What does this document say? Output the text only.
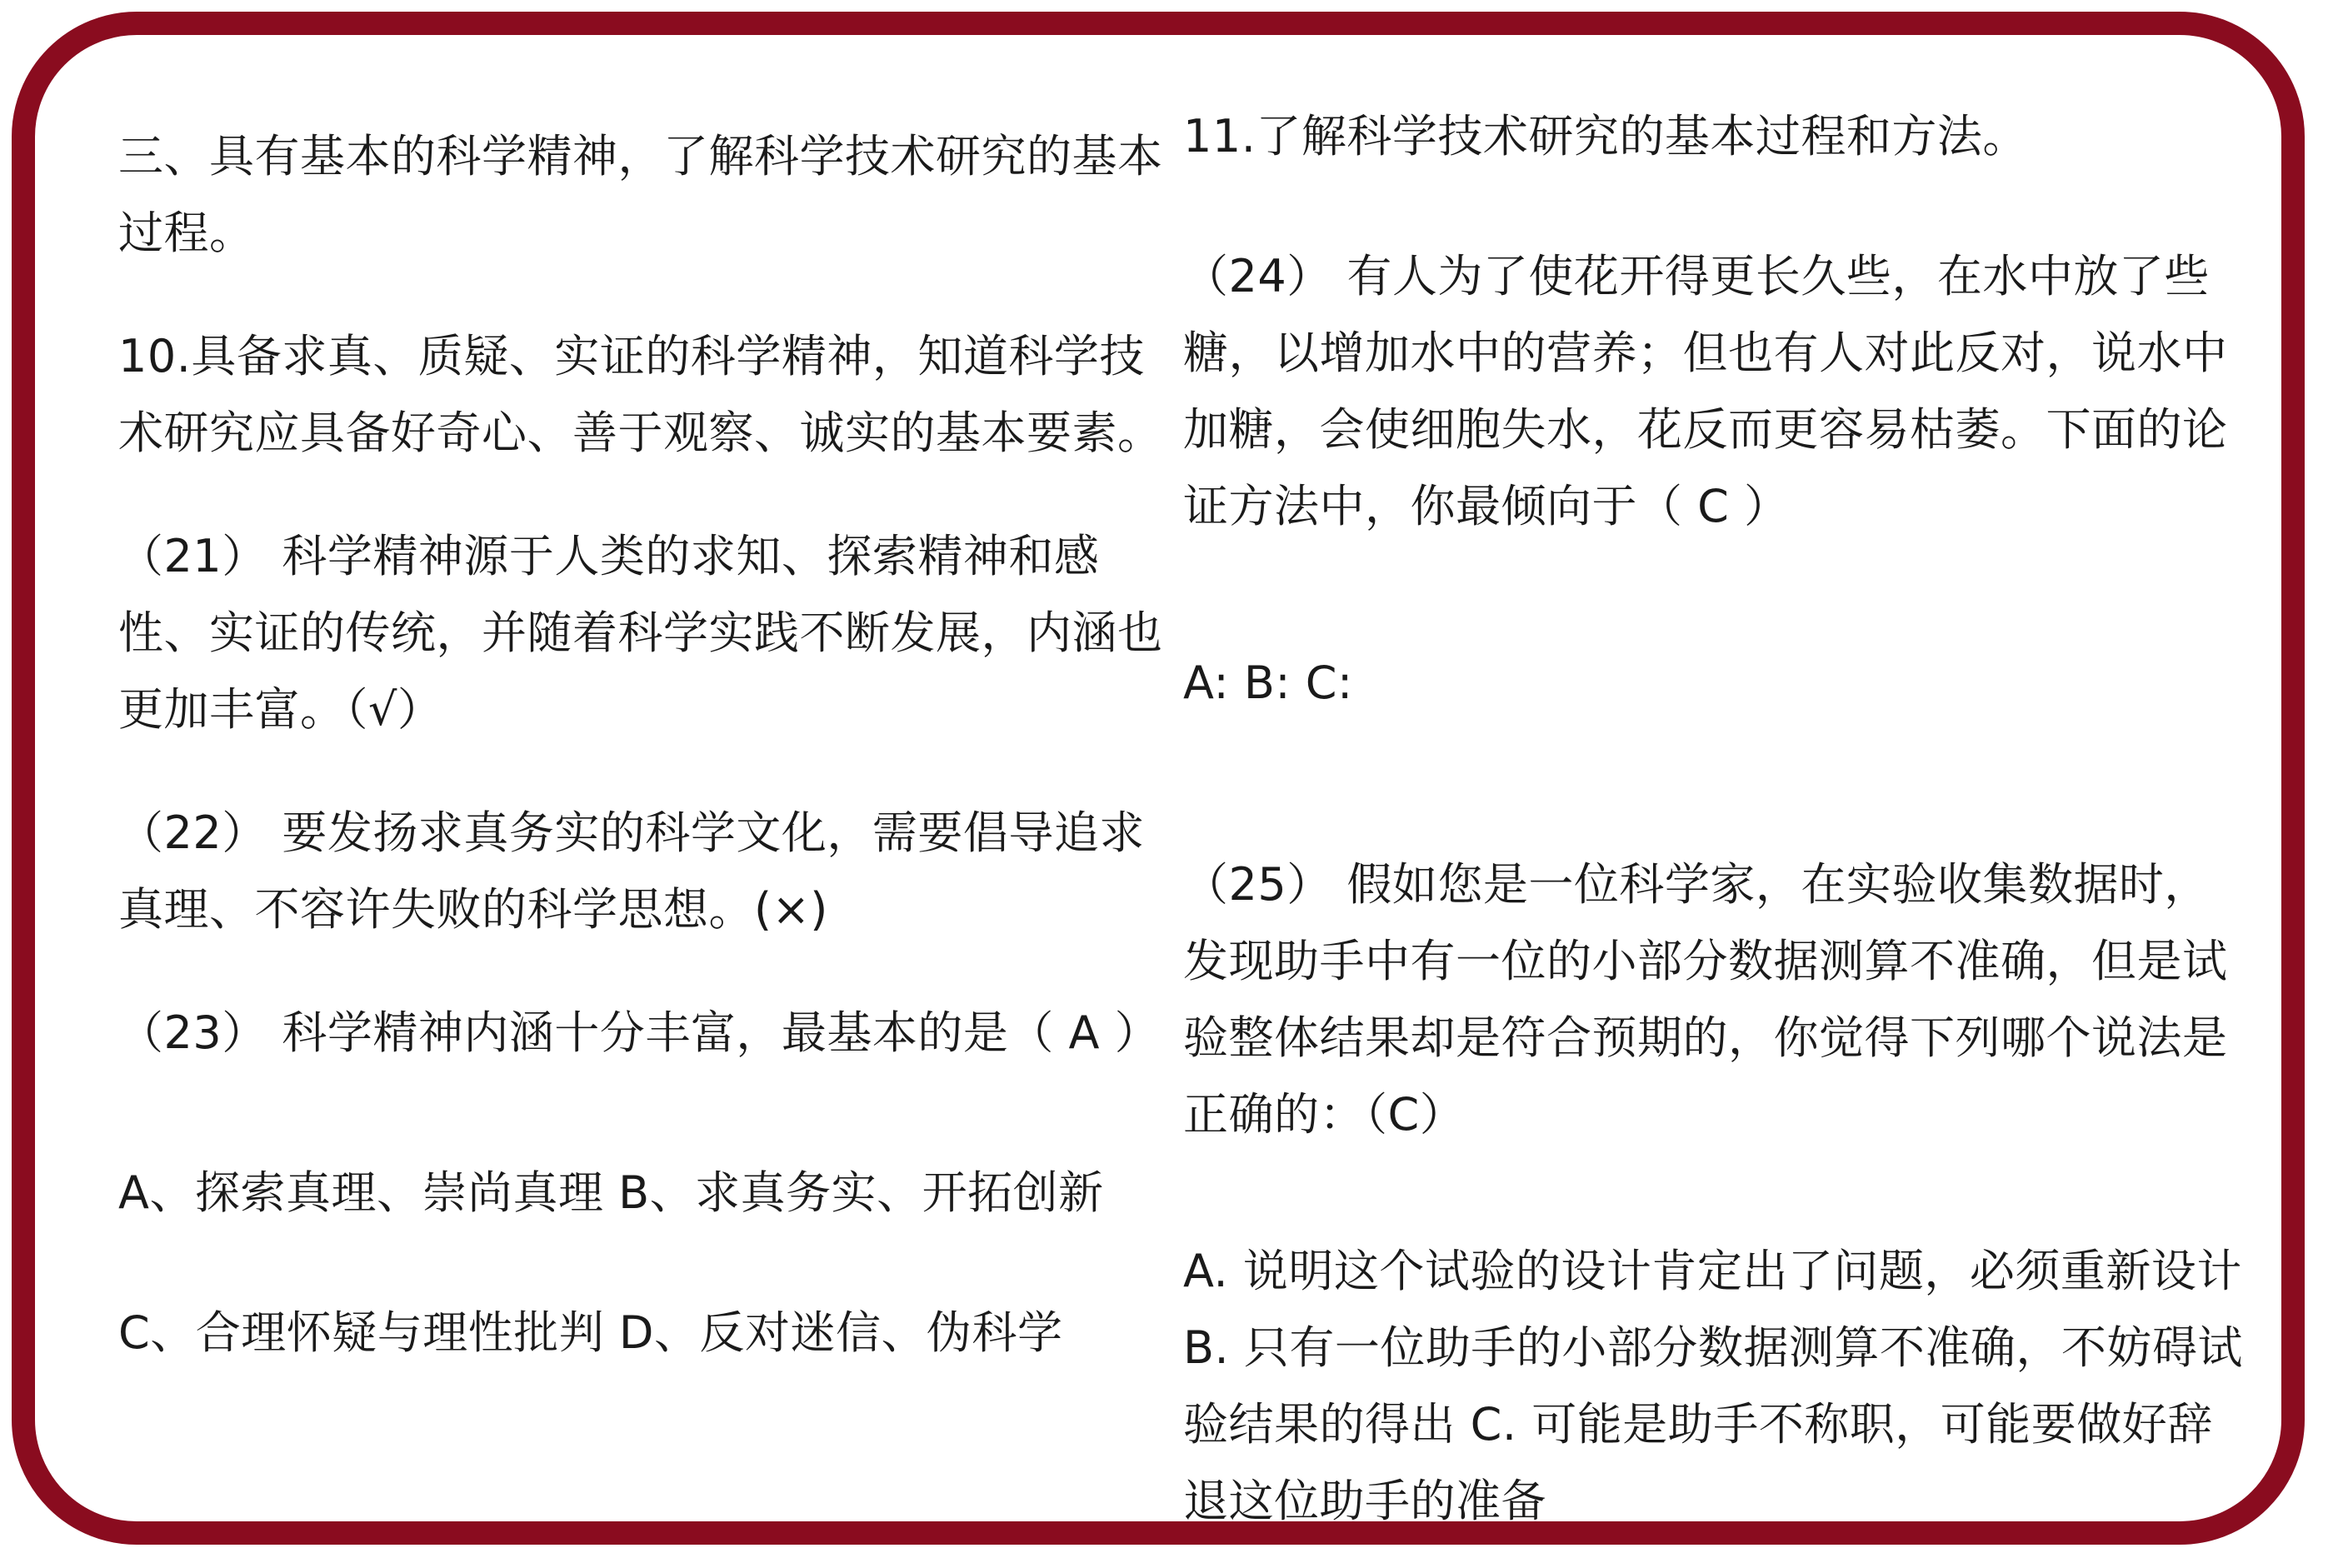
三、具有基本的科学精神，了解科学技术研究的基本过程。

10.具备求真、质疑、实证的科学精神，知道科学技术研究应具备好奇心、善于观察、诚实的基本要素。

（21） 科学精神源于人类的求知、探索精神和感性、实证的传统，并随着科学实践不断发展，内涵也更加丰富。（√）

（22） 要发扬求真务实的科学文化，需要倡导追求真理、不容许失败的科学思想。(×)

（23） 科学精神内涵十分丰富，最基本的是（ A ）

A、探索真理、崇尚真理 B、求真务实、开拓创新

C、合理怀疑与理性批判 D、反对迷信、伪科学

11.了解科学技术研究的基本过程和方法。

（24） 有人为了使花开得更长久些，在水中放了些糖，以增加水中的营养；但也有人对此反对，说水中加糖，会使细胞失水，花反而更容易枯萎。下面的论证方法中，你最倾向于（ C ）

A: B: C:

（25） 假如您是一位科学家，在实验收集数据时，发现助手中有一位的小部分数据测算不准确，但是试验整体结果却是符合预期的，你觉得下列哪个说法是正确的：（C）

A. 说明这个试验的设计肯定出了问题，必须重新设计 B. 只有一位助手的小部分数据测算不准确，不妨碍试验结果的得出 C. 可能是助手不称职，可能要做好辞退这位助手的准备
